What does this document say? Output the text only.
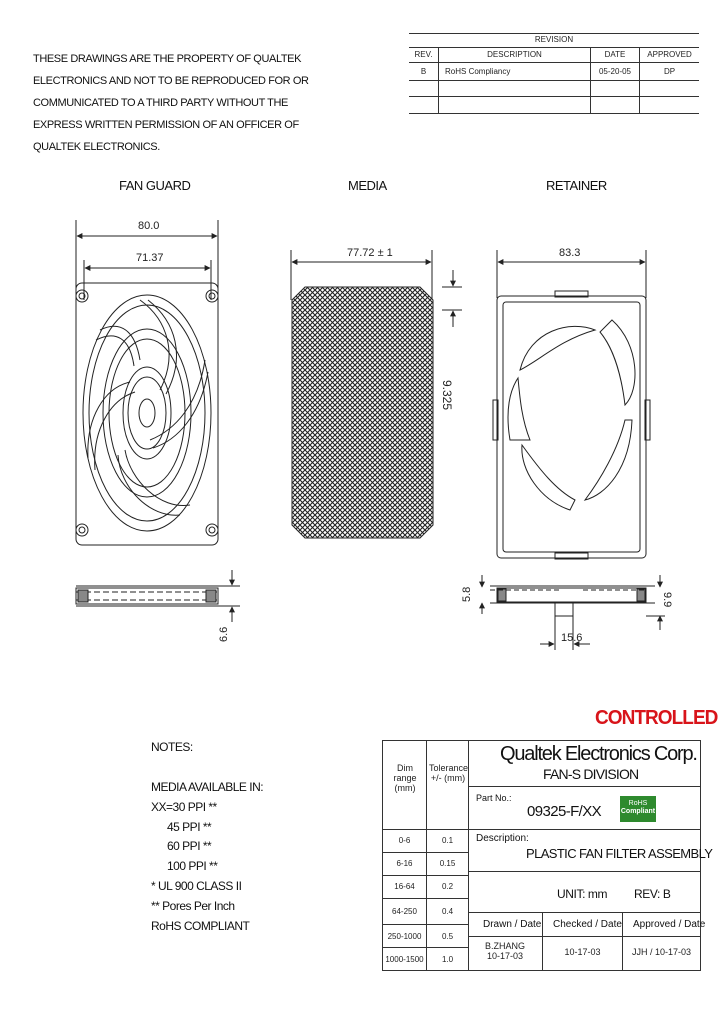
THESE DRAWINGS ARE THE PROPERTY OF QUALTEK
ELECTRONICS AND NOT TO BE REPRODUCED FOR OR
COMMUNICATED TO A THIRD PARTY WITHOUT THE
EXPRESS WRITTEN PERMISSION OF AN OFFICER OF
QUALTEK ELECTRONICS.
REVISION
REV.	DESCRIPTION	DATE	APPROVED
B	RoHS Compliancy	05-20-05	DP
FAN GUARD	MEDIA	RETAINER
80.0
71.37
6.6
77.72 ± 1
9.325
83.3
5.8	9.9
15.6
CONTROLLED
NOTES:
MEDIA AVAILABLE IN:
XX=30 PPI **
45 PPI **
60 PPI **
100 PPI **
* UL 900 CLASS II
** Pores Per Inch
RoHS COMPLIANT
Dim range (mm)
Tolerance +/- (mm)
0-6	0.1
6-16	0.15
16-64	0.2
64-250	0.4
250-1000	0.5
1000-1500	1.0
Qualtek Electronics Corp.
FAN-S DIVISION
Part No.:
09325-F/XX	RoHS
Compliant
Description:
PLASTIC FAN FILTER ASSEMBLY
UNIT: mm REV: B
Drawn / Date Checked / Date Approved / Date
B.ZHANG 10-17-03	10-17-03	JJH / 10-17-03
